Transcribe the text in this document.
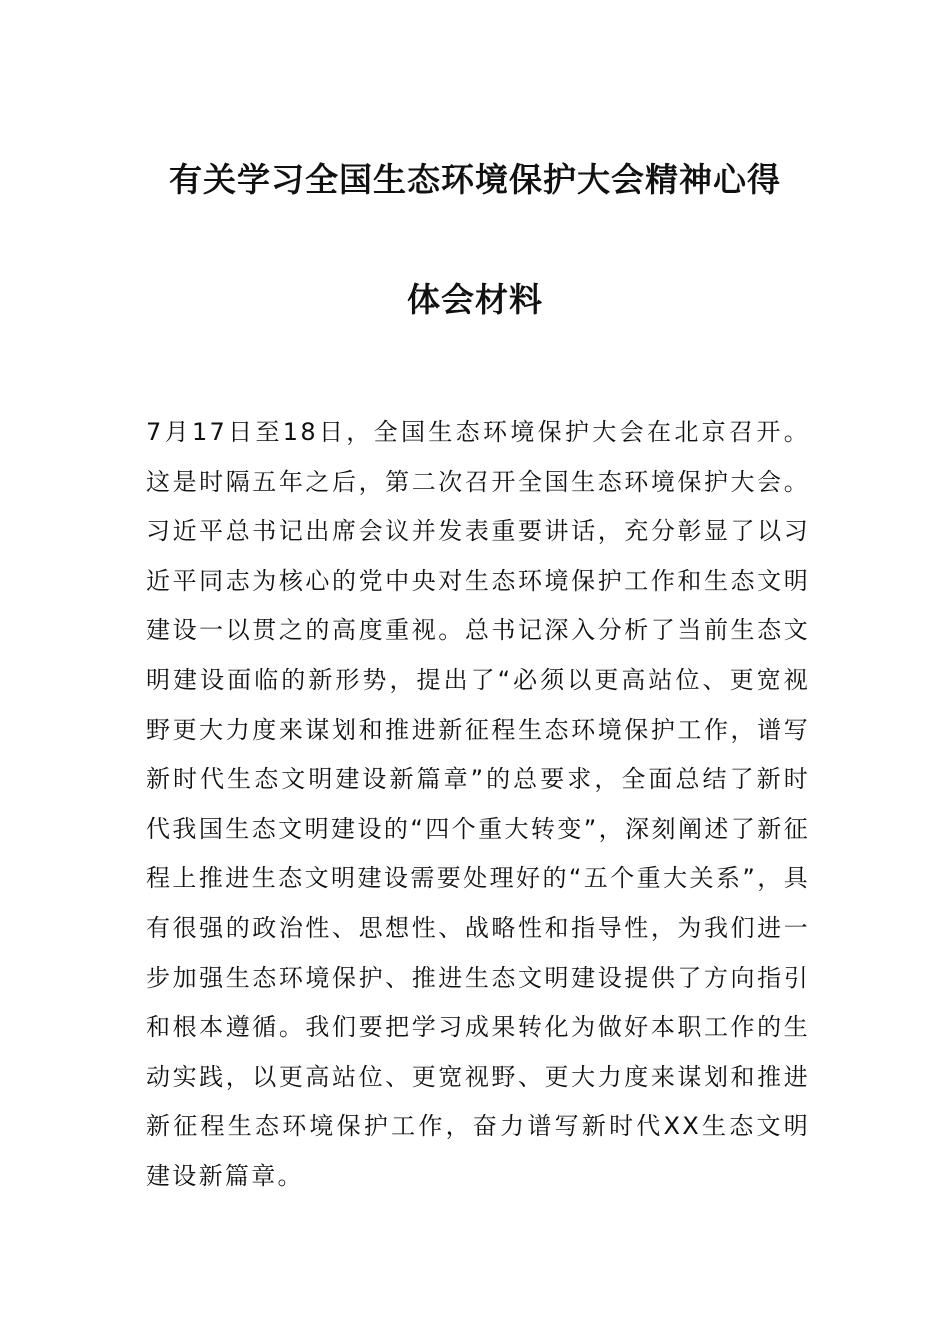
有关学习全国生态环境保护大会精神心得
体会材料

7月17日至18日，全国生态环境保护大会在北京召开。这是时隔五年之后，第二次召开全国生态环境保护大会。习近平总书记出席会议并发表重要讲话，充分彰显了以习近平同志为核心的党中央对生态环境保护工作和生态文明建设一以贯之的高度重视。总书记深入分析了当前生态文明建设面临的新形势，提出了“必须以更高站位、更宽视野更大力度来谋划和推进新征程生态环境保护工作，谱写新时代生态文明建设新篇章”的总要求，全面总结了新时代我国生态文明建设的“四个重大转变”，深刻阐述了新征程上推进生态文明建设需要处理好的“五个重大关系”，具有很强的政治性、思想性、战略性和指导性，为我们进一步加强生态环境保护、推进生态文明建设提供了方向指引和根本遵循。我们要把学习成果转化为做好本职工作的生动实践，以更高站位、更宽视野、更大力度来谋划和推进新征程生态环境保护工作，奋力谱写新时代XX生态文明建设新篇章。
